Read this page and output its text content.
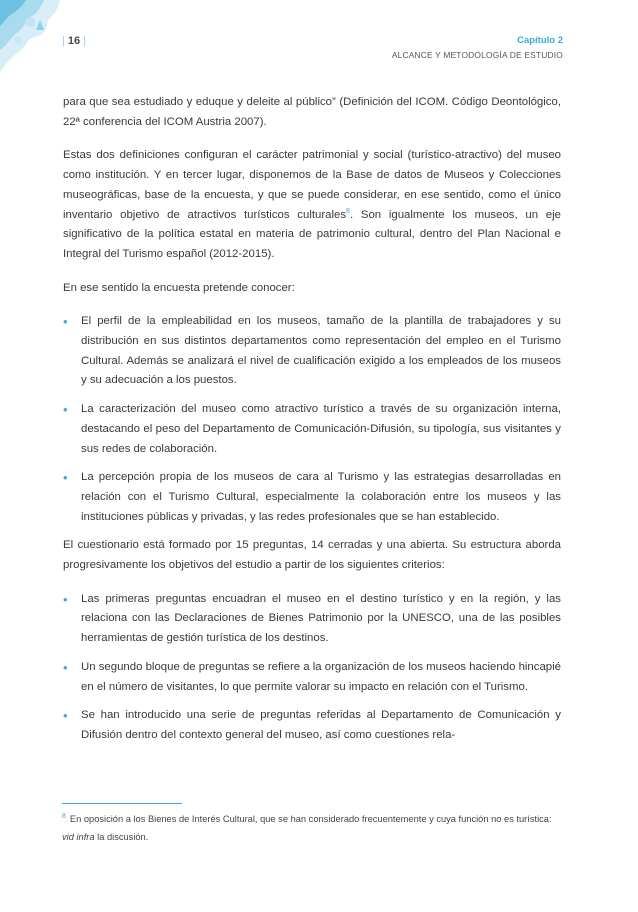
| 16 |	Capítulo 2
ALCANCE Y METODOLOGÍA DE ESTUDIO

para que sea estudiado y eduque y deleite al público” (Definición del ICOM. Código Deontológico, 22ª conferencia del ICOM Austria 2007).

Estas dos definiciones configuran el carácter patrimonial y social (turístico-atractivo) del museo como institución. Y en tercer lugar, disponemos de la Base de datos de Museos y Colecciones museográficas, base de la encuesta, y que se puede considerar, en ese sentido, como el único inventario objetivo de atractivos turísticos culturales$^8$. Son igualmente los museos, un eje significativo de la política estatal en materia de patrimonio cultural, dentro del Plan Nacional e Integral del Turismo español (2012-2015).

En ese sentido la encuesta pretende conocer:

• El perfil de la empleabilidad en los museos, tamaño de la plantilla de trabajadores y su distribución en sus distintos departamentos como representación del empleo en el Turismo Cultural. Además se analizará el nivel de cualificación exigido a los empleados de los museos y su adecuación a los puestos.
• La caracterización del museo como atractivo turístico a través de su organización interna, destacando el peso del Departamento de Comunicación-Difusión, su tipología, sus visitantes y sus redes de colaboración.
• La percepción propia de los museos de cara al Turismo y las estrategias desarrolladas en relación con el Turismo Cultural, especialmente la colaboración entre los museos y las instituciones públicas y privadas, y las redes profesionales que se han establecido.

El cuestionario está formado por 15 preguntas, 14 cerradas y una abierta. Su estructura aborda progresivamente los objetivos del estudio a partir de los siguientes criterios:

• Las primeras preguntas encuadran el museo en el destino turístico y en la región, y las relaciona con las Declaraciones de Bienes Patrimonio por la UNESCO, una de las posibles herramientas de gestión turística de los destinos.
• Un segundo bloque de preguntas se refiere a la organización de los museos haciendo hincapié en el número de visitantes, lo que permite valorar su impacto en relación con el Turismo.
• Se han introducido una serie de preguntas referidas al Departamento de Comunicación y Difusión dentro del contexto general del museo, así como cuestiones rela-
$^8$ En oposición a los Bienes de Interés Cultural, que se han considerado frecuentemente y cuya función no es turística: vid infra la discusión.
